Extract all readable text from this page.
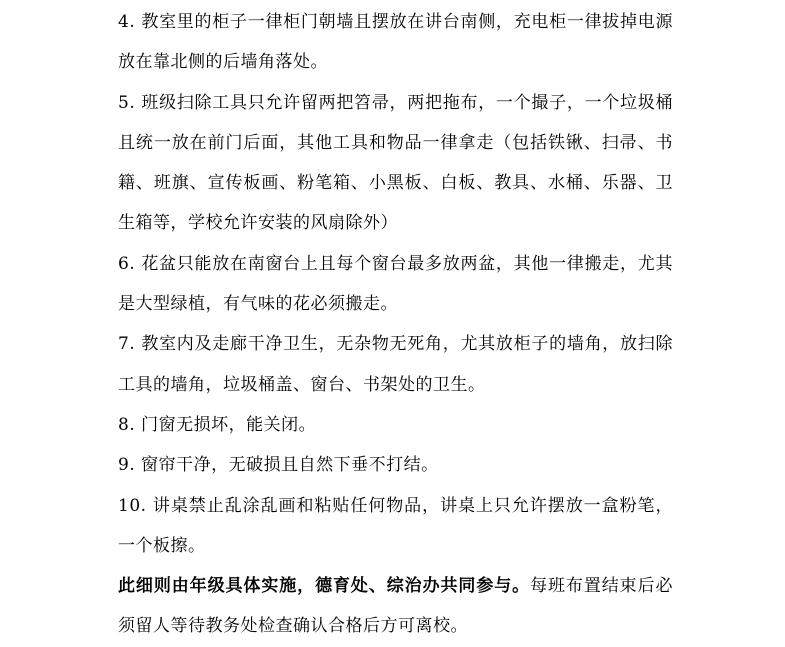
4. 教室里的柜子一律柜门朝墙且摆放在讲台南侧，充电柜一律拔掉电源放在靠北侧的后墙角落处。

5. 班级扫除工具只允许留两把笤帚，两把拖布，一个撮子，一个垃圾桶且统一放在前门后面，其他工具和物品一律拿走（包括铁锹、扫帚、书籍、班旗、宣传板画、粉笔箱、小黑板、白板、教具、水桶、乐器、卫生箱等，学校允许安装的风扇除外）

6. 花盆只能放在南窗台上且每个窗台最多放两盆，其他一律搬走，尤其是大型绿植，有气味的花必须搬走。

7. 教室内及走廊干净卫生，无杂物无死角，尤其放柜子的墙角，放扫除工具的墙角，垃圾桶盖、窗台、书架处的卫生。

8. 门窗无损坏，能关闭。

9. 窗帘干净，无破损且自然下垂不打结。

10. 讲桌禁止乱涂乱画和粘贴任何物品，讲桌上只允许摆放一盒粉笔，一个板擦。

此细则由年级具体实施，德育处、综治办共同参与。每班布置结束后必须留人等待教务处检查确认合格后方可离校。
